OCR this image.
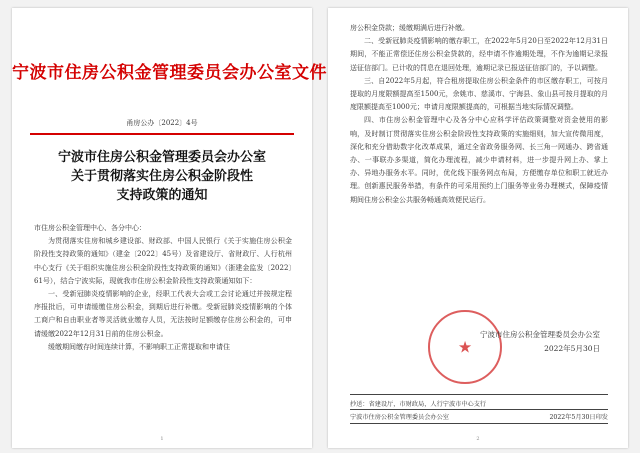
宁波市住房公积金管理委员会办公室文件
甬房公办〔2022〕4号
宁波市住房公积金管理委员会办公室
关于贯彻落实住房公积金阶段性
支持政策的通知

市住房公积金管理中心、各分中心：

为贯彻落实住房和城乡建设部、财政部、中国人民银行《关于实施住房公积金阶段性支持政策的通知》（建金〔2022〕45号）及省建设厅、省财政厅、人行杭州中心支行《关于组织实施住房公积金阶段性支持政策的通知》（浙建金监发〔2022〕61号），结合宁波实际，现就我市住房公积金阶段性支持政策通知如下：

一、受新冠肺炎疫情影响的企业，经职工代表大会或工会讨论通过并按规定程序报批后，可申请缓缴住房公积金，到期后进行补缴。受新冠肺炎疫情影响的个体工商户和自由职业者等灵活就业缴存人员，无法按时足额缴存住房公积金的，可申请缓缴2022年12月31日前的住房公积金。

缓缴期间缴存时间连续计算，不影响职工正常提取和申请住

1

房公积金贷款；缓缴期满后进行补缴。

二、受新冠肺炎疫情影响的缴存职工，在2022年5月20日至2022年12月31日期间，不能正常偿还住房公积金贷款的，经申请不作逾期处理，不作为逾期记录报送征信部门。已计收的罚息在退回处理，逾期记录已报送征信部门的，予以调整。

三、自2022年5月起，符合租房提取住房公积金条件的市区缴存职工，可按月提取的月度限额提高至1500元，余姚市、慈溪市、宁海县、象山县可按月提取的月度限额提高至1000元；申请月度限额提高的，可根据当地实际情况调整。

四、市住房公积金管理中心及各分中心应科学评估政策调整对资金使用的影响，及时制订贯彻落实住房公积金阶段性支持政策的实施细则，加大宣传微用度，深化和充分借助数字化改革成果，通过全省政务服务网、长三角一网通办、跨省通办、一事联办多渠道，简化办理流程，减少申请材料，进一步提升网上办、掌上办、异地办服务水平。同时，优化线下服务网点布局，方便缴存单位和职工就近办理。创新惠民服务举措，有条件的可采用预约上门服务等业务办理模式，保障疫情期间住房公积金公共服务畅通高效便民运行。

★
宁波市住房公积金管理委员会办公室
2022年5月30日
抄送：省建设厅，市财政局，人行宁波市中心支行
宁波市住房公积金管理委员会办公室	2022年5月30日印发
2
